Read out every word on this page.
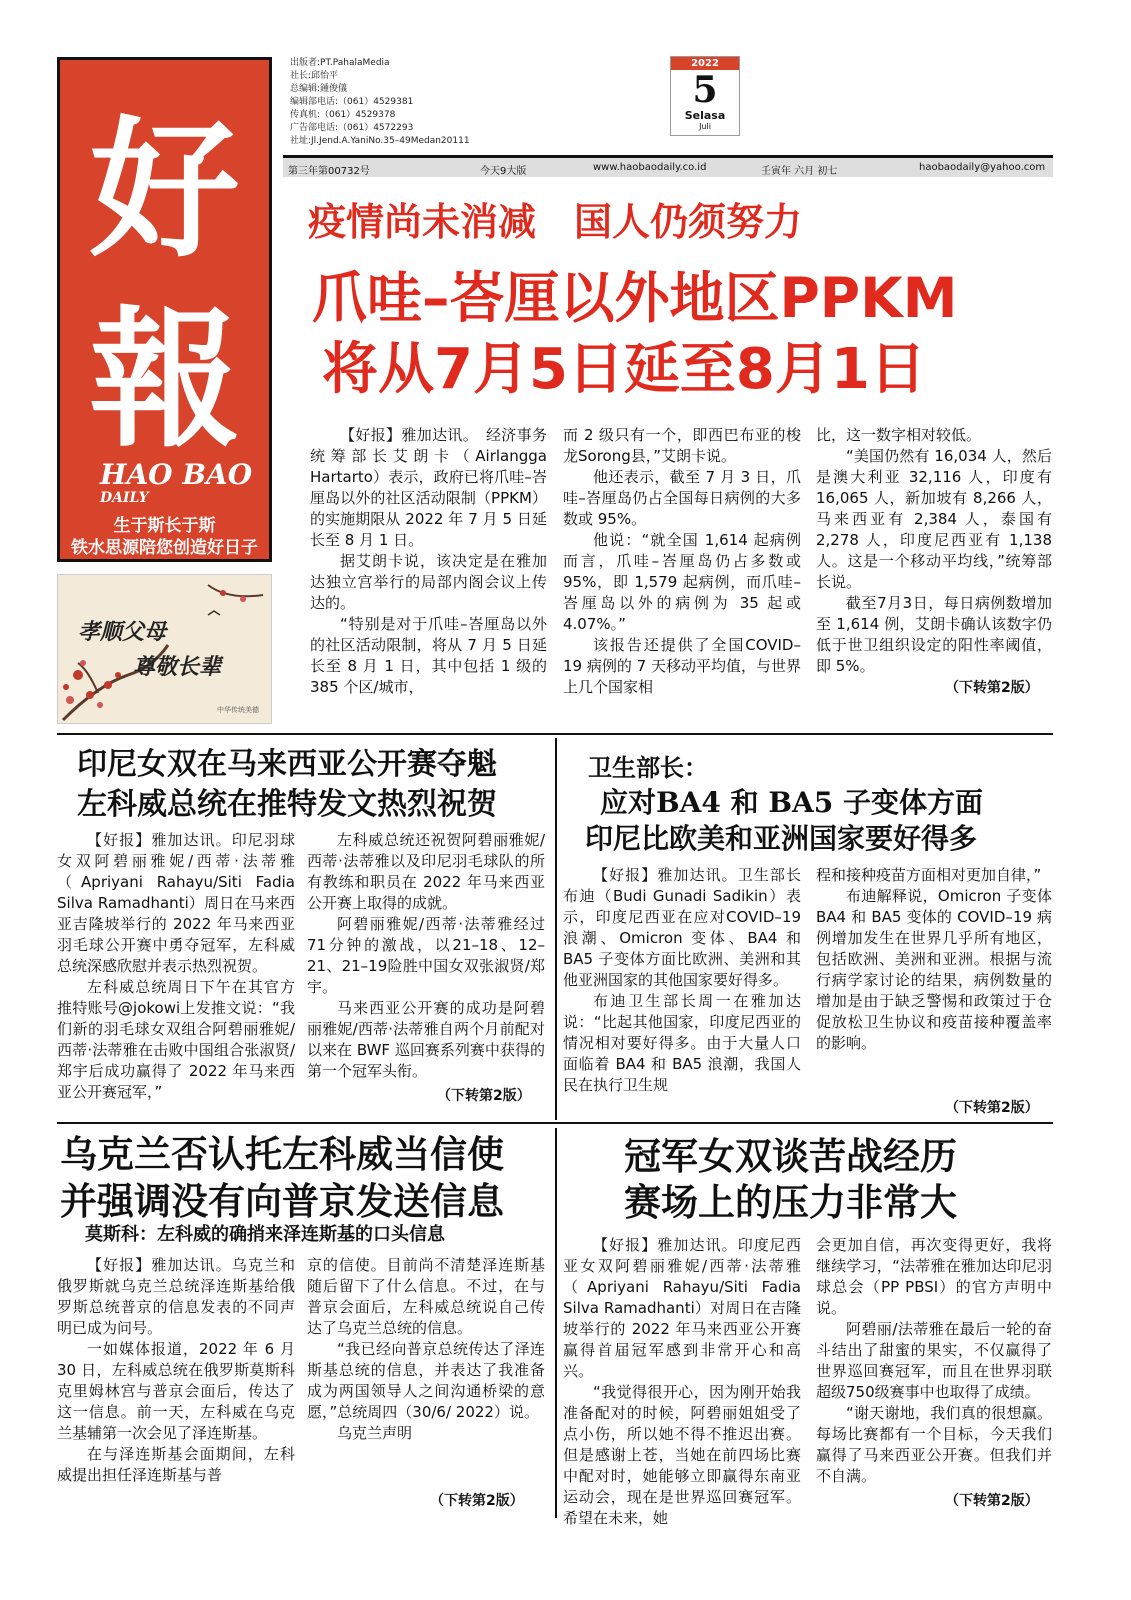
好
報
HAO BAO
DAILY
生于斯长于斯
铁水思源陪您创造好日子
孝顺父母
尊敬长辈
中华传统美德
出版者:PT.PahalaMedia
社长:邱怡平
总编辑:鍾俊儀
编辑部电话:（061）4529381
传真机:（061）4529378
广告部电话:（061）4572293
社址:Jl.Jend.A.YaniNo.35–49Medan20111
2022
5
Selasa
Juli
第三年第00732号	今天9大版	www.haobaodaily.co.id	壬寅年 六月 初七	haobaodaily@yahoo.com
疫情尚未消减　国人仍须努力
爪哇–峇厘以外地区PPKM
将从7月5日延至8月1日

【好报】雅加达讯。　经济事务统筹部长艾朗卡（Airlangga Hartarto）表示，政府已将爪哇–峇厘岛以外的社区活动限制（PPKM）的实施期限从 2022 年 7 月 5 日延长至 8 月 1 日。

据艾朗卡说，该决定是在雅加达独立宫举行的局部内阁会议上传达的。

“特别是对于爪哇–峇厘岛以外的社区活动限制，将从 7 月 5 日延长至 8 月 1 日，其中包括 1 级的 385 个区/城市，

而 2 级只有一个，即西巴布亚的梭龙Sorong县，”艾朗卡说。

他还表示，截至 7 月 3 日，爪哇–峇厘岛仍占全国每日病例的大多数或 95%。

他说：“就全国 1,614 起病例而言，爪哇–峇厘岛仍占多数或 95%，即 1,579 起病例，而爪哇–峇厘岛以外的病例为 35 起或 4.07%。”

该报告还提供了全国COVID–19 病例的 7 天移动平均值，与世界上几个国家相

比，这一数字相对较低。

“美国仍然有 16,034 人，然后是澳大利亚 32,116 人，印度有 16,065 人，新加坡有 8,266 人，马来西亚有 2,384 人，泰国有 2,278 人，印度尼西亚有 1,138 人。这是一个移动平均线，”统筹部长说。

截至7月3日，每日病例数增加至 1,614 例，艾朗卡确认该数字仍低于世卫组织设定的阳性率阈值，即 5%。

（下转第2版）
印尼女双在马来西亚公开赛夺魁
左科威总统在推特发文热烈祝贺

【好报】雅加达讯。印尼羽球女双阿碧丽雅妮/西蒂·法蒂雅（Apriyani Rahayu/Siti Fadia Silva Ramadhanti）周日在马来西亚吉隆坡举行的 2022 年马来西亚羽毛球公开赛中勇夺冠军，左科威总统深感欣慰并表示热烈祝贺。

左科威总统周日下午在其官方推特账号@jokowi上发推文说：“我们新的羽毛球女双组合阿碧丽雅妮/西蒂·法蒂雅在击败中国组合张淑贤/郑宇后成功赢得了 2022 年马来西亚公开赛冠军，”

左科威总统还祝贺阿碧丽雅妮/西蒂·法蒂雅以及印尼羽毛球队的所有教练和职员在 2022 年马来西亚公开赛上取得的成就。

阿碧丽雅妮/西蒂·法蒂雅经过71分钟的激战，以21–18、12–21、21–19险胜中国女双张淑贤/郑宇。

马来西亚公开赛的成功是阿碧丽雅妮/西蒂·法蒂雅自两个月前配对以来在 BWF 巡回赛系列赛中获得的第一个冠军头衔。

（下转第2版）
卫生部长：
应对BA4 和 BA5 子变体方面
印尼比欧美和亚洲国家要好得多

【好报】雅加达讯。卫生部长布迪（Budi Gunadi Sadikin）表示，印度尼西亚在应对COVID–19 浪潮、Omicron 变体、BA4 和 BA5 子变体方面比欧洲、美洲和其他亚洲国家的其他国家要好得多。

布迪卫生部长周一在雅加达说：“比起其他国家，印度尼西亚的情况相对要好得多。由于大量人口面临着 BA4 和 BA5 浪潮，我国人民在执行卫生规

程和接种疫苗方面相对更加自律，”

布迪解释说，Omicron 子变体 BA4 和 BA5 变体的 COVID–19 病例增加发生在世界几乎所有地区，包括欧洲、美洲和亚洲。根据与流行病学家讨论的结果，病例数量的增加是由于缺乏警惕和政策过于仓促放松卫生协议和疫苗接种覆盖率的影响。

（下转第2版）
乌克兰否认托左科威当信使
并强调没有向普京发送信息
莫斯科：左科威的确捎来泽连斯基的口头信息

【好报】雅加达讯。乌克兰和俄罗斯就乌克兰总统泽连斯基给俄罗斯总统普京的信息发表的不同声明已成为问号。

一如媒体报道，2022 年 6 月 30 日，左科威总统在俄罗斯莫斯科克里姆林宫与普京会面后，传达了这一信息。前一天，左科威在乌克兰基辅第一次会见了泽连斯基。

在与泽连斯基会面期间，左科威提出担任泽连斯基与普

京的信使。目前尚不清楚泽连斯基随后留下了什么信息。不过，在与普京会面后，左科威总统说自己传达了乌克兰总统的信息。

“我已经向普京总统传达了泽连斯基总统的信息，并表达了我准备成为两国领导人之间沟通桥梁的意愿，”总统周四（30/6/ 2022）说。

乌克兰声明

（下转第2版）
冠军女双谈苦战经历
赛场上的压力非常大

【好报】雅加达讯。印度尼西亚女双阿碧丽雅妮/西蒂·法蒂雅（Apriyani Rahayu/Siti Fadia Silva Ramadhanti）对周日在吉隆坡举行的 2022 年马来西亚公开赛赢得首届冠军感到非常开心和高兴。

“我觉得很开心，因为刚开始我准备配对的时候，阿碧丽姐姐受了点小伤，所以她不得不推迟出赛。但是感谢上苍，当她在前四场比赛中配对时，她能够立即赢得东南亚运动会，现在是世界巡回赛冠军。希望在未来，她

会更加自信，再次变得更好，我将继续学习，“法蒂雅在雅加达印尼羽球总会（PP PBSI）的官方声明中说。

阿碧丽/法蒂雅在最后一轮的奋斗结出了甜蜜的果实，不仅赢得了世界巡回赛冠军，而且在世界羽联超级750级赛事中也取得了成绩。

“谢天谢地，我们真的很想赢。每场比赛都有一个目标，今天我们赢得了马来西亚公开赛。但我们并不自满。

（下转第2版）
